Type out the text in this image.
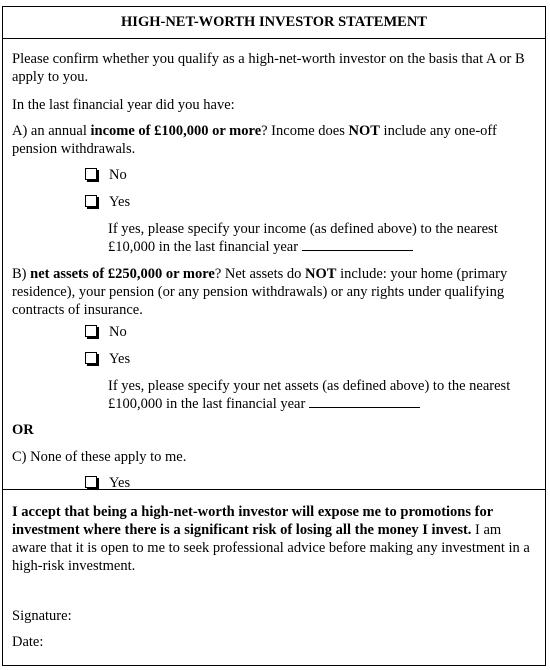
HIGH-NET-WORTH INVESTOR STATEMENT
Please confirm whether you qualify as a high-net-worth investor on the basis that A or B apply to you.
In the last financial year did you have:
A) an annual income of £100,000 or more? Income does NOT include any one-off pension withdrawals.
No
Yes
If yes, please specify your income (as defined above) to the nearest £10,000 in the last financial year
B) net assets of £250,000 or more? Net assets do NOT include: your home (primary residence), your pension (or any pension withdrawals) or any rights under qualifying contracts of insurance.
No
Yes
If yes, please specify your net assets (as defined above) to the nearest £100,000 in the last financial year
OR
C) None of these apply to me.
Yes
I accept that being a high-net-worth investor will expose me to promotions for investment where there is a significant risk of losing all the money I invest. I am aware that it is open to me to seek professional advice before making any investment in a high-risk investment.
Signature:
Date:
